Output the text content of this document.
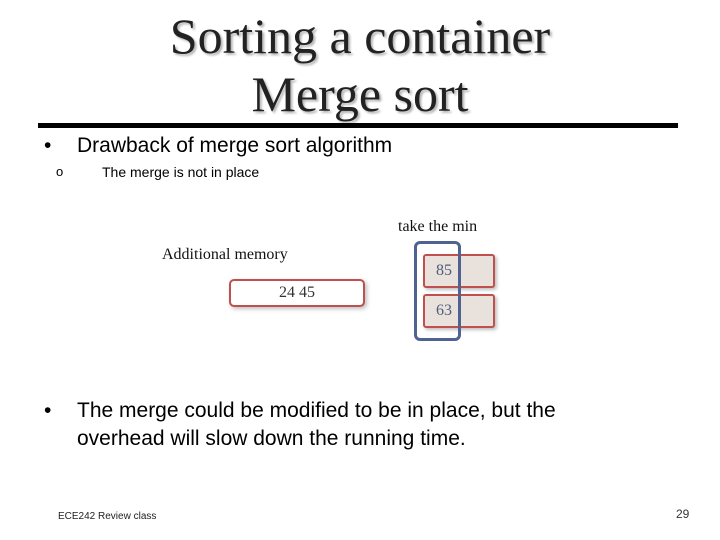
Sorting a container
Merge sort
• Drawback of merge sort algorithm
o	The merge is not in place
take the min
Additional memory
24 45
85
63
• The merge could be modified to be in place, but the
overhead will slow down the running time.
ECE242 Review class	29
